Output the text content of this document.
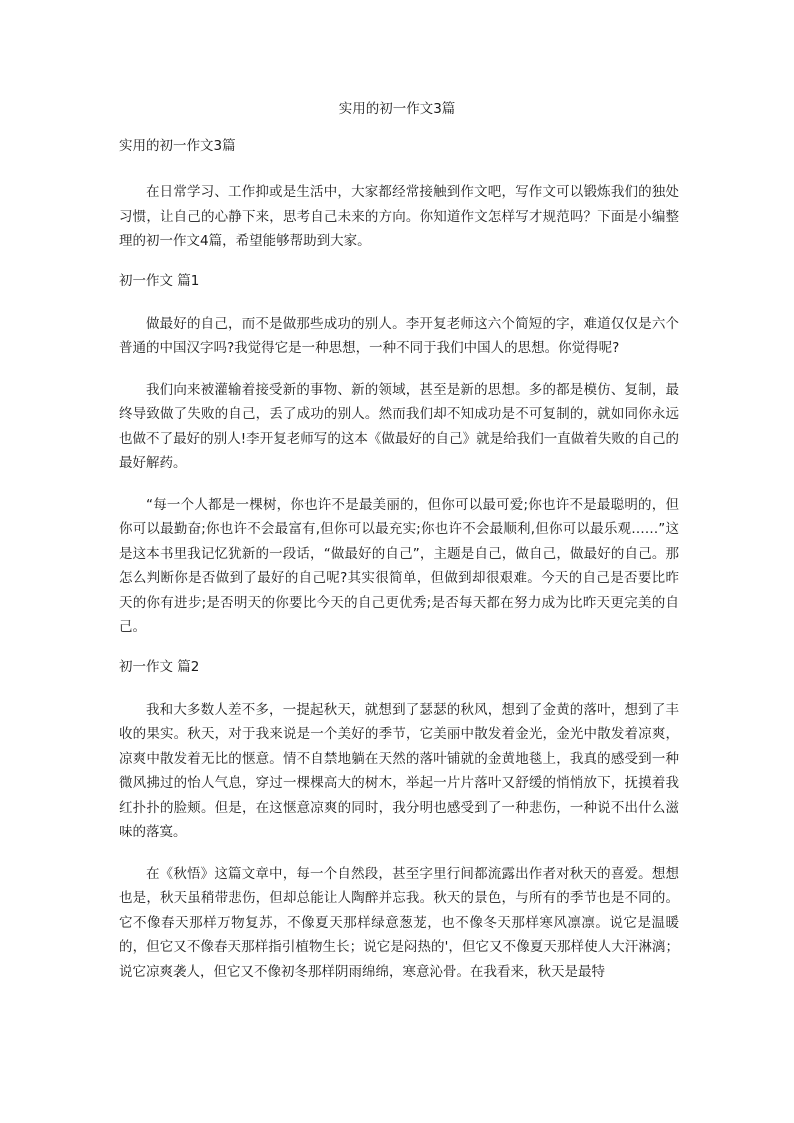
实用的初一作文3篇
实用的初一作文3篇

在日常学习、工作抑或是生活中，大家都经常接触到作文吧，写作文可以锻炼我们的独处习惯，让自己的心静下来，思考自己未来的方向。你知道作文怎样写才规范吗？下面是小编整理的初一作文4篇，希望能够帮助到大家。

初一作文 篇1

做最好的自己，而不是做那些成功的别人。李开复老师这六个简短的字，难道仅仅是六个普通的中国汉字吗?我觉得它是一种思想，一种不同于我们中国人的思想。你觉得呢?

我们向来被灌输着接受新的事物、新的领域，甚至是新的思想。多的都是模仿、复制，最终导致做了失败的自己，丢了成功的别人。然而我们却不知成功是不可复制的，就如同你永远也做不了最好的别人!李开复老师写的这本《做最好的自己》就是给我们一直做着失败的自己的最好解药。

“每一个人都是一棵树，你也许不是最美丽的，但你可以最可爱;你也许不是最聪明的，但你可以最勤奋;你也许不会最富有,但你可以最充实;你也许不会最顺利,但你可以最乐观……”这是这本书里我记忆犹新的一段话，“做最好的自己”，主题是自己，做自己，做最好的自己。那怎么判断你是否做到了最好的自己呢?其实很简单，但做到却很艰难。今天的自己是否要比昨天的你有进步;是否明天的你要比今天的自己更优秀;是否每天都在努力成为比昨天更完美的自己。

初一作文 篇2

我和大多数人差不多，一提起秋天，就想到了瑟瑟的秋风，想到了金黄的落叶，想到了丰收的果实。秋天，对于我来说是一个美好的季节，它美丽中散发着金光，金光中散发着凉爽，凉爽中散发着无比的惬意。情不自禁地躺在天然的落叶铺就的金黄地毯上，我真的感受到一种微风拂过的怡人气息，穿过一棵棵高大的树木，举起一片片落叶又舒缓的悄悄放下，抚摸着我红扑扑的脸颊。但是，在这惬意凉爽的同时，我分明也感受到了一种悲伤，一种说不出什么滋味的落寞。

在《秋悟》这篇文章中，每一个自然段，甚至字里行间都流露出作者对秋天的喜爱。想想也是，秋天虽稍带悲伤，但却总能让人陶醉并忘我。秋天的景色，与所有的季节也是不同的。它不像春天那样万物复苏，不像夏天那样绿意葱茏，也不像冬天那样寒风凛凛。说它是温暖的，但它又不像春天那样指引植物生长；说它是闷热的'，但它又不像夏天那样使人大汗淋漓；说它凉爽袭人，但它又不像初冬那样阴雨绵绵，寒意沁骨。在我看来，秋天是最特
